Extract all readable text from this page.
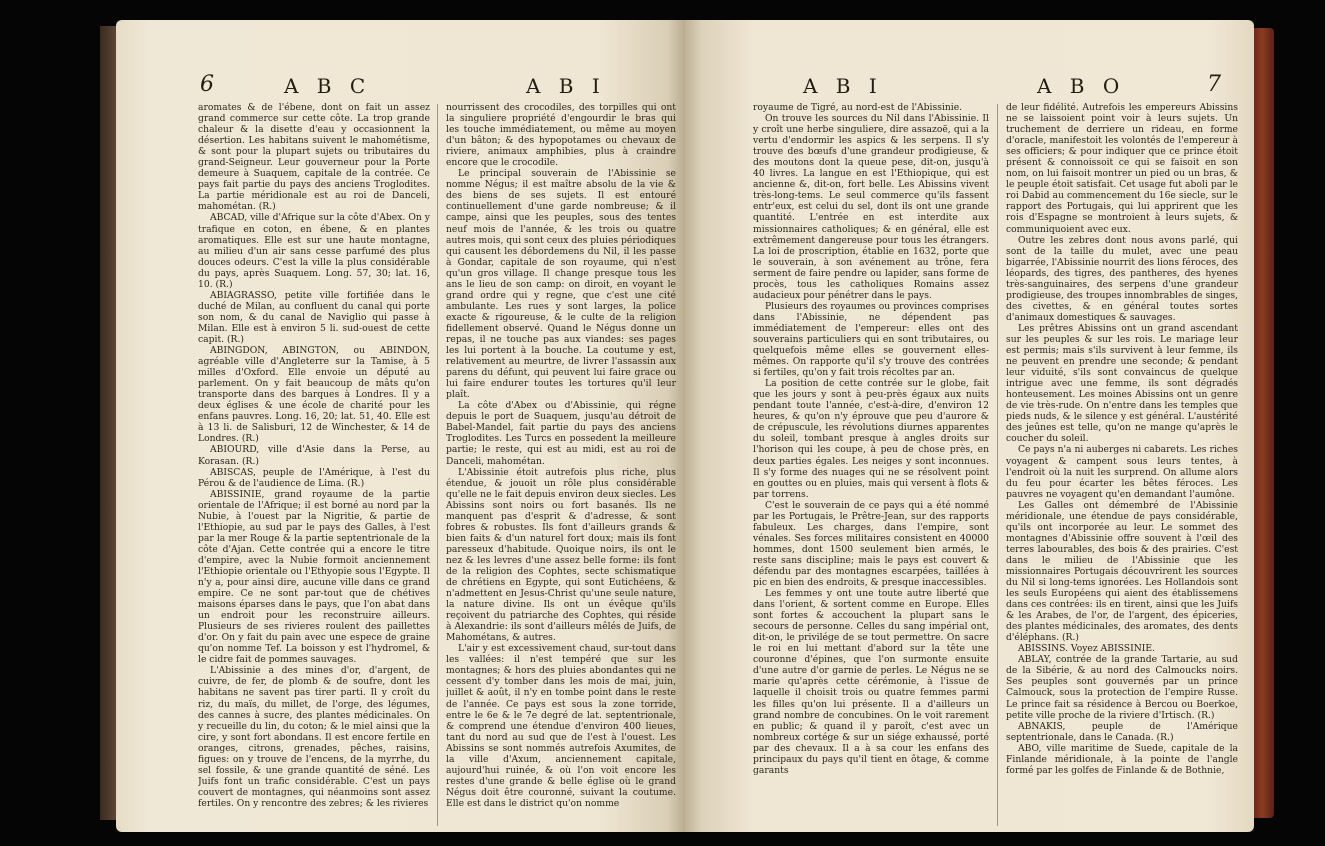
6	A B C	A B I

aromates & de l'ébene, dont on fait un assez grand commerce sur cette côte. La trop grande chaleur & la disette d'eau y occasionnent la désertion. Les habitans suivent le mahométisme, & sont pour la plupart sujets ou tributaires du grand-Seigneur. Leur gouverneur pour la Porte demeure à Suaquem, capitale de la contrée. Ce pays fait partie du pays des anciens Troglodites. La partie méridionale est au roi de Danceli, mahométan. (R.)

ABCAD, ville d'Afrique sur la côte d'Abex. On y trafique en coton, en ébene, & en plantes aromatiques. Elle est sur une haute montagne, au milieu d'un air sans cesse parfumé des plus douces odeurs. C'est la ville la plus considérable du pays, après Suaquem. Long. 57, 30; lat. 16, 10. (R.)

ABIAGRASSO, petite ville fortifiée dans le duché de Milan, au confluent du canal qui porte son nom, & du canal de Naviglio qui passe à Milan. Elle est à environ 5 li. sud-ouest de cette capit. (R.)

ABINGDON, ABINGTON, ou ABINDON, agréable ville d'Angleterre sur la Tamise, à 5 milles d'Oxford. Elle envoie un député au parlement. On y fait beaucoup de mâts qu'on transporte dans des barques à Londres. Il y a deux églises & une école de charité pour les enfans pauvres. Long. 16, 20; lat. 51, 40. Elle est à 13 li. de Salisburi, 12 de Winchester, & 14 de Londres. (R.)

ABIOURD, ville d'Asie dans la Perse, au Korasan. (R.)

ABISCAS, peuple de l'Amérique, à l'est du Pérou & de l'audience de Lima. (R.)

ABISSINIE, grand royaume de la partie orientale de l'Afrique; il est borné au nord par la Nubie, à l'ouest par la Nigritie, & partie de l'Ethiopie, au sud par le pays des Galles, à l'est par la mer Rouge & la partie septentrionale de la côte d'Ajan. Cette contrée qui a encore le titre d'empire, avec la Nubie formoit anciennement l'Ethiopie orientale ou l'Ethyopie sous l'Egypte. Il n'y a, pour ainsi dire, aucune ville dans ce grand empire. Ce ne sont par-tout que de chétives maisons éparses dans le pays, que l'on abat dans un endroit pour les reconstruire ailleurs. Plusieurs de ses rivieres roulent des paillettes d'or. On y fait du pain avec une espece de graine qu'on nomme Tef. La boisson y est l'hydromel, & le cidre fait de pommes sauvages.

L'Abissinie a des mines d'or, d'argent, de cuivre, de fer, de plomb & de soufre, dont les habitans ne savent pas tirer parti. Il y croît du riz, du maïs, du millet, de l'orge, des légumes, des cannes à sucre, des plantes médicinales. On y recueille du lin, du coton; & le miel ainsi que la cire, y sont fort abondans. Il est encore fertile en oranges, citrons, grenades, pêches, raisins, figues: on y trouve de l'encens, de la myrrhe, du sel fossile, & une grande quantité de séné. Les Juifs font un trafic considérable. C'est un pays couvert de montagnes, qui néanmoins sont assez fertiles. On y rencontre des zebres; & les rivieres

nourrissent des crocodiles, des torpilles qui ont la singuliere propriété d'engourdir le bras qui les touche immédiatement, ou même au moyen d'un bâton; & des hypopotames ou chevaux de riviere, animaux amphibies, plus à craindre encore que le crocodile.

Le principal souverain de l'Abissinie se nomme Négus; il est maître absolu de la vie & des biens de ses sujets. Il est entouré continuellement d'une garde nombreuse; & il campe, ainsi que les peuples, sous des tentes neuf mois de l'année, & les trois ou quatre autres mois, qui sont ceux des pluies périodiques qui causent les débordemens du Nil, il les passe à Gondar, capitale de son royaume, qui n'est qu'un gros village. Il change presque tous les ans le lieu de son camp: on diroit, en voyant le grand ordre qui y regne, que c'est une cité ambulante. Les rues y sont larges, la police exacte & rigoureuse, & le culte de la religion fidellement observé. Quand le Négus donne un repas, il ne touche pas aux viandes: ses pages les lui portent à la bouche. La coutume y est, relativement au meurtre, de livrer l'assassin aux parens du défunt, qui peuvent lui faire grace ou lui faire endurer toutes les tortures qu'il leur plaît.

La côte d'Abex ou d'Abissinie, qui régne depuis le port de Suaquem, jusqu'au détroit de Babel-Mandel, fait partie du pays des anciens Troglodites. Les Turcs en possedent la meilleure partie; le reste, qui est au midi, est au roi de Danceli, mahométan.

L'Abissinie étoit autrefois plus riche, plus étendue, & jouoit un rôle plus considérable qu'elle ne le fait depuis environ deux siecles. Les Abissins sont noirs ou fort basanés. Ils ne manquent pas d'esprit & d'adresse, & sont fobres & robustes. Ils font d'ailleurs grands & bien faits & d'un naturel fort doux; mais ils font paresseux d'habitude. Quoique noirs, ils ont le nez & les levres d'une assez belle forme: ils font de la religion des Cophtes, secte schismatique de chrétiens en Egypte, qui sont Eutichéens, & n'admettent en Jesus-Christ qu'une seule nature, la nature divine. Ils ont un évêque qu'ils reçoivent du patriarche des Cophtes, qui réside à Alexandrie: ils sont d'ailleurs mêlés de Juifs, de Mahométans, & autres.

L'air y est excessivement chaud, sur-tout dans les vallées: il n'est tempéré que sur les montagnes; & hors des pluies abondantes qui ne cessent d'y tomber dans les mois de mai, juin, juillet & août, il n'y en tombe point dans le reste de l'année. Ce pays est sous la zone torride, entre le 6e & le 7e degré de lat. septentrionale, & comprend une étendue d'environ 400 lieues, tant du nord au sud que de l'est à l'ouest. Les Abissins se sont nommés autrefois Axumites, de la ville d'Axum, anciennement capitale, aujourd'hui ruinée, & où l'on voit encore les restes d'une grande & belle église où le grand Négus doit être couronné, suivant la coutume. Elle est dans le district qu'on nomme

A B I	A B O	7

royaume de Tigré, au nord-est de l'Abissinie.

On trouve les sources du Nil dans l'Abissinie. Il y croît une herbe singuliere, dire assazoë, qui a la vertu d'endormir les aspics & les serpens. Il s'y trouve des bœufs d'une grandeur prodigieuse, & des moutons dont la queue pese, dit-on, jusqu'à 40 livres. La langue en est l'Ethiopique, qui est ancienne &, dit-on, fort belle. Les Abissins vivent très-long-tems. Le seul commerce qu'ils fassent entr'eux, est celui du sel, dont ils ont une grande quantité. L'entrée en est interdite aux missionnaires catholiques; & en général, elle est extrêmement dangereuse pour tous les étrangers. La loi de proscription, établie en 1632, porte que le souverain, à son avénement au trône, fera serment de faire pendre ou lapider, sans forme de procès, tous les catholiques Romains assez audacieux pour pénétrer dans le pays.

Plusieurs des royaumes ou provinces comprises dans l'Abissinie, ne dépendent pas immédiatement de l'empereur: elles ont des souverains particuliers qui en sont tributaires, ou quelquefois même elles se gouvernent elles-mêmes. On rapporte qu'il s'y trouve des contrées si fertiles, qu'on y fait trois récoltes par an.

La position de cette contrée sur le globe, fait que les jours y sont à peu-près égaux aux nuits pendant toute l'année, c'est-à-dire, d'environ 12 heures, & qu'on n'y éprouve que peu d'aurore & de crépuscule, les révolutions diurnes apparentes du soleil, tombant presque à angles droits sur l'horison qui les coupe, à peu de chose près, en deux parties égales. Les neiges y sont inconnues. Il s'y forme des nuages qui ne se résolvent point en gouttes ou en pluies, mais qui versent à flots & par torrens.

C'est le souverain de ce pays qui a été nommé par les Portugais, le Prêtre-Jean, sur des rapports fabuleux. Les charges, dans l'empire, sont vénales. Ses forces militaires consistent en 40000 hommes, dont 1500 seulement bien armés, le reste sans discipline; mais le pays est couvert & défendu par des montagnes escarpées, taillées à pic en bien des endroits, & presque inaccessibles.

Les femmes y ont une toute autre liberté que dans l'orient, & sortent comme en Europe. Elles sont fortes & accouchent la plupart sans le secours de personne. Celles du sang impérial ont, dit-on, le privilége de se tout permettre. On sacre le roi en lui mettant d'abord sur la tête une couronne d'épines, que l'on surmonte ensuite d'une autre d'or garnie de perles. Le Négus ne se marie qu'après cette cérémonie, à l'issue de laquelle il choisit trois ou quatre femmes parmi les filles qu'on lui présente. Il a d'ailleurs un grand nombre de concubines. On le voit rarement en public; & quand il y paroît, c'est avec un nombreux cortége & sur un siége exhaussé, porté par des chevaux. Il a à sa cour les enfans des principaux du pays qu'il tient en ôtage, & comme garants

de leur fidélité. Autrefois les empereurs Abissins ne se laissoient point voir à leurs sujets. Un truchement de derriere un rideau, en forme d'oracle, manifestoit les volontés de l'empereur à ses officiers; & pour indiquer que ce prince étoit présent & connoissoit ce qui se faisoit en son nom, on lui faisoit montrer un pied ou un bras, & le peuple étoit satisfait. Cet usage fut aboli par le roi Dabid au commencement du 16e siecle, sur le rapport des Portugais, qui lui apprirent que les rois d'Espagne se montroient à leurs sujets, & communiquoient avec eux.

Outre les zebres dont nous avons parlé, qui sont de la taille du mulet, avec une peau bigarrée, l'Abissinie nourrit des lions féroces, des léopards, des tigres, des pantheres, des hyenes très-sanguinaires, des serpens d'une grandeur prodigieuse, des troupes innombrables de singes, des civettes, & en général toutes sortes d'animaux domestiques & sauvages.

Les prêtres Abissins ont un grand ascendant sur les peuples & sur les rois. Le mariage leur est permis; mais s'ils survivent à leur femme, ils ne peuvent en prendre une seconde; & pendant leur viduité, s'ils sont convaincus de quelque intrigue avec une femme, ils sont dégradés honteusement. Les moines Abissins ont un genre de vie très-rude. On n'entre dans les temples que pieds nuds, & le silence y est général. L'austérité des jeûnes est telle, qu'on ne mange qu'après le coucher du soleil.

Ce pays n'a ni auberges ni cabarets. Les riches voyagent & campent sous leurs tentes, à l'endroit où la nuit les surprend. On allume alors du feu pour écarter les bêtes féroces. Les pauvres ne voyagent qu'en demandant l'aumône.

Les Galles ont démembré de l'Abissinie méridionale, une étendue de pays considérable, qu'ils ont incorporée au leur. Le sommet des montagnes d'Abissinie offre souvent à l'œil des terres labourables, des bois & des prairies. C'est dans le milieu de l'Abissinie que les missionnaires Portugais découvrirent les sources du Nil si long-tems ignorées. Les Hollandois sont les seuls Européens qui aient des établissemens dans ces contrées: ils en tirent, ainsi que les Juifs & les Arabes, de l'or, de l'argent, des épiceries, des plantes médicinales, des aromates, des dents d'éléphans. (R.)

ABISSINS. Voyez ABISSINIE.

ABLAY, contrée de la grande Tartarie, au sud de la Sibérie, & au nord des Calmoucks noirs. Ses peuples sont gouvernés par un prince Calmouck, sous la protection de l'empire Russe. Le prince fait sa résidence à Bercou ou Boerkoe, petite ville proche de la riviere d'Irtisch. (R.)

ABNAKIS, peuple de l'Amérique septentrionale, dans le Canada. (R.)

ABO, ville maritime de Suede, capitale de la Finlande méridionale, à la pointe de l'angle formé par les golfes de Finlande & de Bothnie,
